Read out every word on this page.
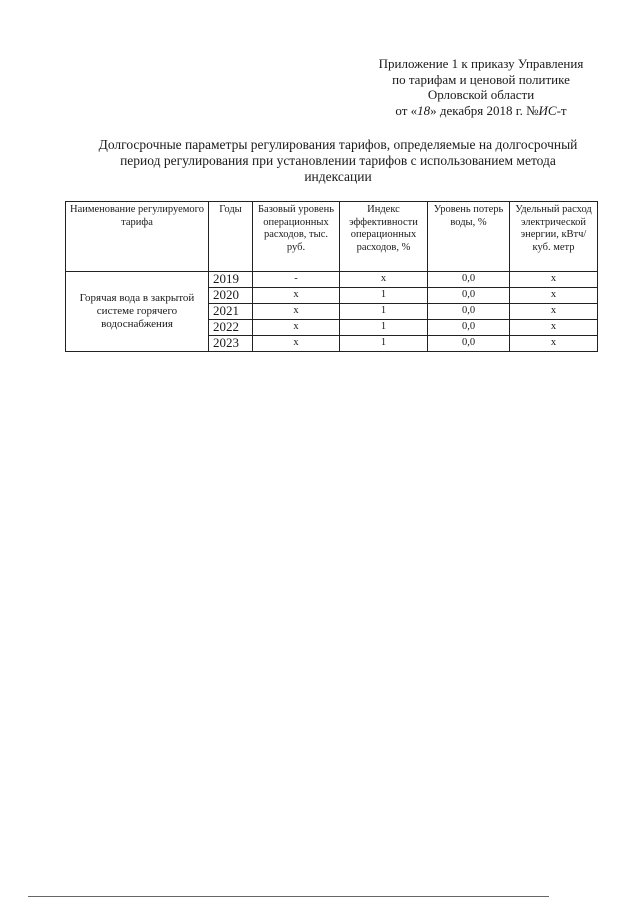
Приложение 1 к приказу Управления
по тарифам и ценовой политике
Орловской области
от «18» декабря 2018 г. №ИС-т
Долгосрочные параметры регулирования тарифов, определяемые на долгосрочный
период регулирования при установлении тарифов с использованием метода
индексации
Наименование регулируемого тарифа	Годы	Базовый уровень операционных расходов, тыс. руб.	Индекс эффективности операционных расходов, %	Уровень потерь воды, %	Удельный расход электрической энергии, кВтч/куб. метр
Горячая вода в закрытой системе горячего водоснабжения	2019	-	x	0,0	x
	2020	x	1	0,0	x
	2021	x	1	0,0	x
	2022	x	1	0,0	x
	2023	x	1	0,0	x
